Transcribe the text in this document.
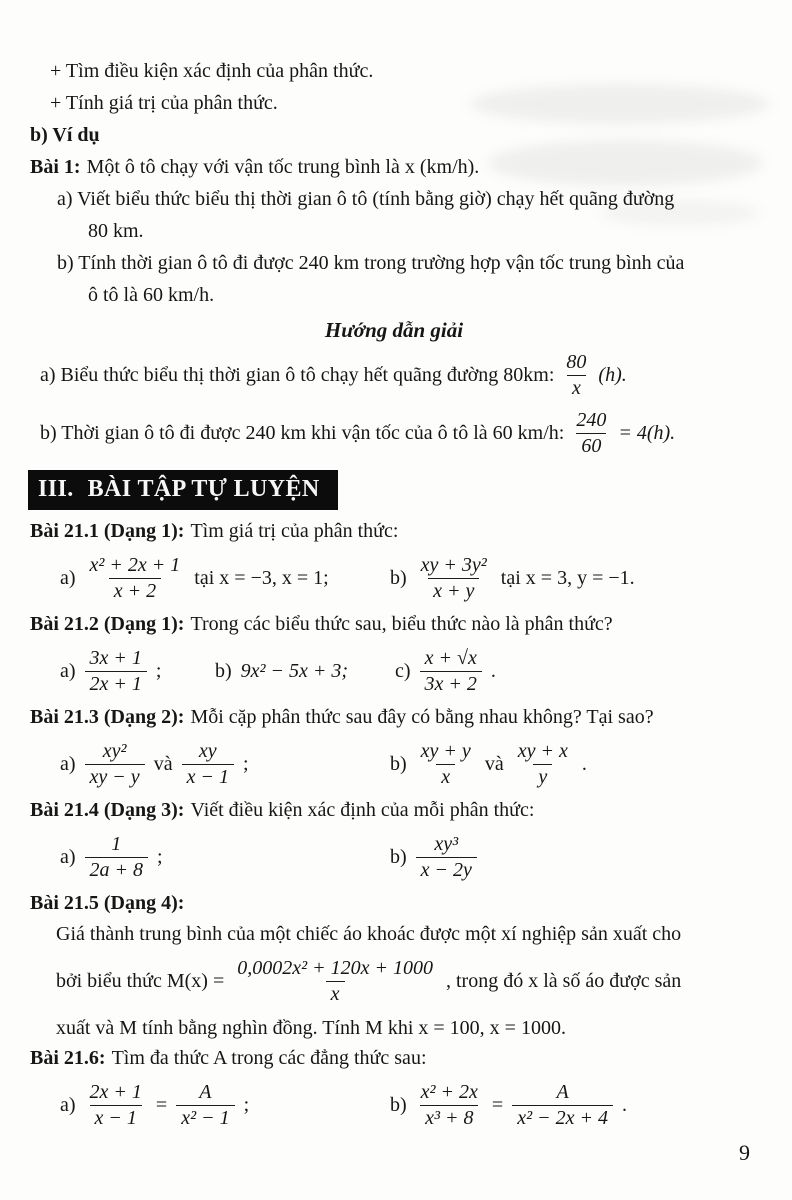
+ Tìm điều kiện xác định của phân thức.

+ Tính giá trị của phân thức.

b) Ví dụ

Bài 1: Một ô tô chạy với vận tốc trung bình là x (km/h).

a) Viết biểu thức biểu thị thời gian ô tô (tính bằng giờ) chạy hết quãng đường

80 km.

b) Tính thời gian ô tô đi được 240 km trong trường hợp vận tốc trung bình của

ô tô là 60 km/h.

Hướng dẫn giải

a) Biểu thức biểu thị thời gian ô tô chạy hết quãng đường 80km: $\frac{80}{x} (h)$.
b) Thời gian ô tô đi được 240 km khi vận tốc của ô tô là 60 km/h: $\frac{240}{60} = 4(h)$.
III. BÀI TẬP TỰ LUYỆN

Bài 21.1 (Dạng 1): Tìm giá trị của phân thức:

$a) \frac{\text{x² + 2x + 1}}{x + 2}$ tại x = −3, x = 1;	$b) \frac{\text{xy + 3y²}}{x + y}$ tại x = 3, y = −1.

Bài 21.2 (Dạng 1): Trong các biểu thức sau, biểu thức nào là phân thức?

$a) \frac{3x + 1}{2x + 1}$ ;	b) 9x² − 5x + 3; $c) \frac{x + √x}{3x + 2}$ .

Bài 21.3 (Dạng 2): Mỗi cặp phân thức sau đây có bằng nhau không? Tại sao?

$a) \frac{\text{xy²}}{xy - y}$ và $\frac{xy}{x - 1}$ ;	$b) \frac{xy + y}{x}$ và $\frac{xy + x}{y}$ .

Bài 21.4 (Dạng 3): Viết điều kiện xác định của mỗi phân thức:

$a) \frac{1}{2a + 8}$ ;	$b) \frac{\text{xy³}}{x - 2y}$

Bài 21.5 (Dạng 4):

Giá thành trung bình của một chiếc áo khoác được một xí nghiệp sản xuất cho

bởi biểu thức $M(x) = \frac{\text{0,0002x² + 120x + 1000}}{x}$ , trong đó x là số áo được sản

xuất và M tính bằng nghìn đồng. Tính M khi x = 100, x = 1000.

Bài 21.6: Tìm đa thức A trong các đẳng thức sau:

$a) \frac{2x + 1}{x - 1} = \frac{A}{\text{x² − 1}}$ ;	$b) \frac{\text{x² + 2x}}{\text{x³ + 8}} = \frac{A}{\text{x² − 2x + 4}}$ .
9
